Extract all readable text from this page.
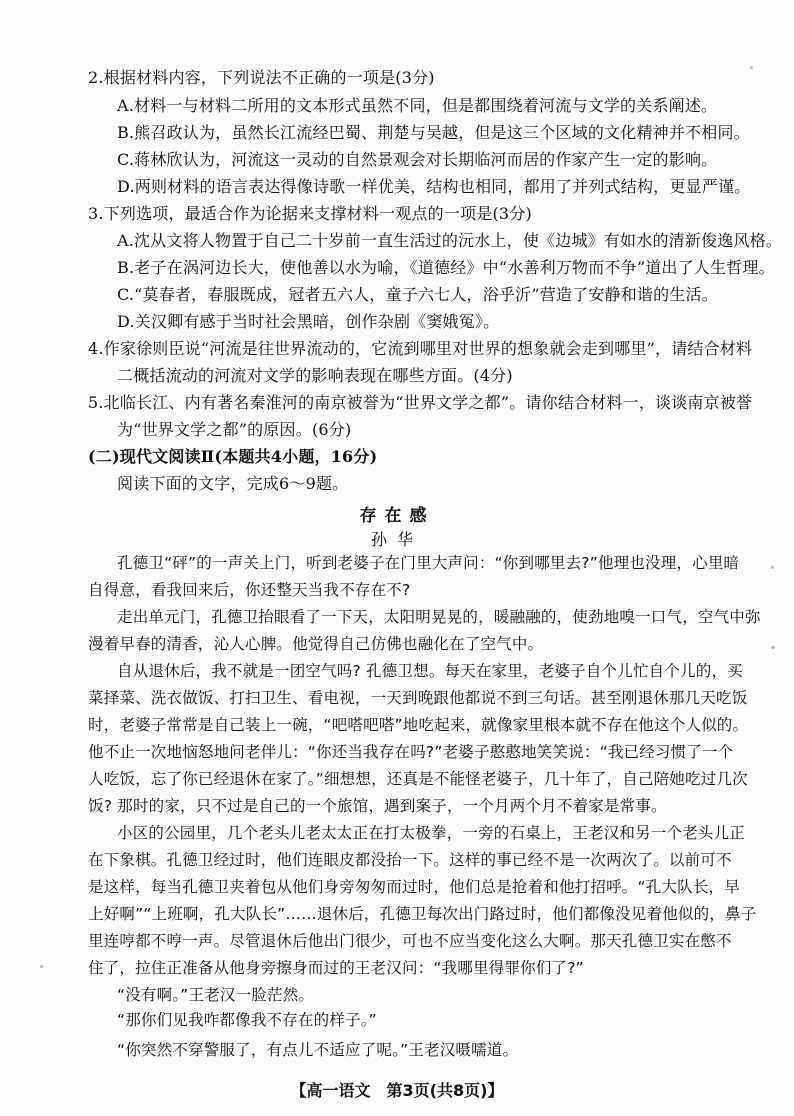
2.根据材料内容，下列说法不正确的一项是(3分)
A.材料一与材料二所用的文本形式虽然不同，但是都围绕着河流与文学的关系阐述。
B.熊召政认为，虽然长江流经巴蜀、荆楚与吴越，但是这三个区域的文化精神并不相同。
C.蒋林欣认为，河流这一灵动的自然景观会对长期临河而居的作家产生一定的影响。
D.两则材料的语言表达得像诗歌一样优美，结构也相同，都用了并列式结构，更显严谨。
3.下列选项，最适合作为论据来支撑材料一观点的一项是(3分)
A.沈从文将人物置于自己二十岁前一直生活过的沅水上，使《边城》有如水的清新俊逸风格。
B.老子在涡河边长大，使他善以水为喻，《道德经》中“水善利万物而不争”道出了人生哲理。
C.“莫春者，春服既成，冠者五六人，童子六七人，浴乎沂”营造了安静和谐的生活。
D.关汉卿有感于当时社会黑暗，创作杂剧《窦娥冤》。
4.作家徐则臣说“河流是往世界流动的，它流到哪里对世界的想象就会走到哪里”，请结合材料
二概括流动的河流对文学的影响表现在哪些方面。(4分)
5.北临长江、内有著名秦淮河的南京被誉为“世界文学之都”。请你结合材料一，谈谈南京被誉
为“世界文学之都”的原因。(6分)
(二)现代文阅读Ⅱ(本题共4小题，16分)
阅读下面的文字，完成6～9题。
存在感
孙华
孔德卫“砰”的一声关上门，听到老婆子在门里大声问：“你到哪里去?”他理也没理，心里暗
自得意，看我回来后，你还整天当我不存在不?
走出单元门，孔德卫抬眼看了一下天，太阳明晃晃的，暖融融的，使劲地嗅一口气，空气中弥
漫着早春的清香，沁人心脾。他觉得自己仿佛也融化在了空气中。
自从退休后，我不就是一团空气吗? 孔德卫想。每天在家里，老婆子自个儿忙自个儿的，买
菜择菜、洗衣做饭、打扫卫生、看电视，一天到晚跟他都说不到三句话。甚至刚退休那几天吃饭
时，老婆子常常是自己装上一碗，“吧嗒吧嗒”地吃起来，就像家里根本就不存在他这个人似的。
他不止一次地恼怒地问老伴儿：“你还当我存在吗?”老婆子憨憨地笑笑说：“我已经习惯了一个
人吃饭，忘了你已经退休在家了。”细想想，还真是不能怪老婆子，几十年了，自己陪她吃过几次
饭? 那时的家，只不过是自己的一个旅馆，遇到案子，一个月两个月不着家是常事。
小区的公园里，几个老头儿老太太正在打太极拳，一旁的石桌上，王老汉和另一个老头儿正
在下象棋。孔德卫经过时，他们连眼皮都没抬一下。这样的事已经不是一次两次了。以前可不
是这样，每当孔德卫夹着包从他们身旁匆匆而过时，他们总是抢着和他打招呼。“孔大队长，早
上好啊”“上班啊，孔大队长”……退休后，孔德卫每次出门路过时，他们都像没见着他似的，鼻子
里连哼都不哼一声。尽管退休后他出门很少，可也不应当变化这么大啊。那天孔德卫实在憋不
住了，拉住正准备从他身旁擦身而过的王老汉问：“我哪里得罪你们了?”
“没有啊。”王老汉一脸茫然。
“那你们见我咋都像我不存在的样子。”
【高一语文　第3页(共8页)】
“你突然不穿警服了，有点儿不适应了呢。”王老汉嗫嚅道。
